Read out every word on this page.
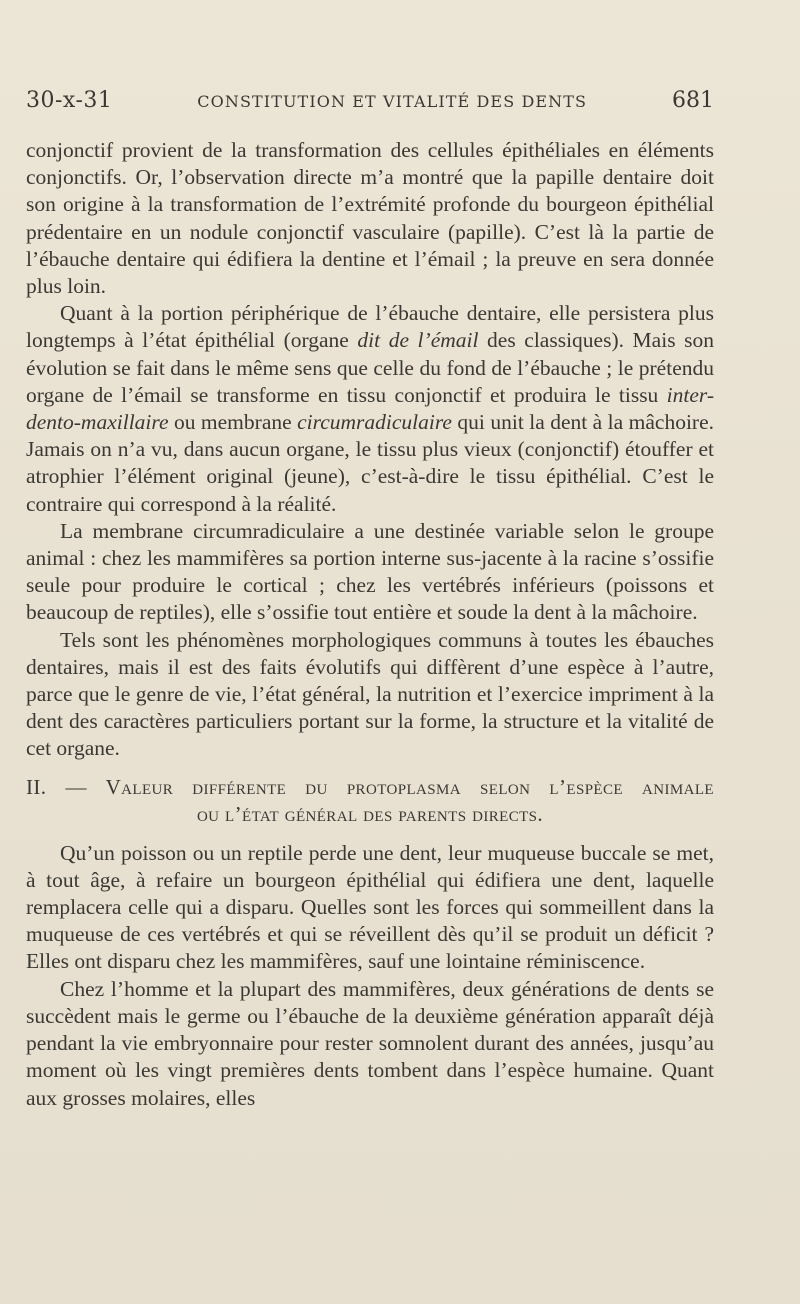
30-x-31	CONSTITUTION ET VITALITÉ DES DENTS	681

conjonctif provient de la transformation des cellules épithéliales en éléments conjonctifs. Or, l’observation directe m’a montré que la papille dentaire doit son origine à la transformation de l’extrémité profonde du bourgeon épithélial prédentaire en un nodule conjonctif vasculaire (papille). C’est là la partie de l’ébauche dentaire qui édifiera la dentine et l’émail ; la preuve en sera donnée plus loin.

Quant à la portion périphérique de l’ébauche dentaire, elle persistera plus longtemps à l’état épithélial (organe dit de l’émail des classiques). Mais son évolution se fait dans le même sens que celle du fond de l’ébauche ; le prétendu organe de l’émail se transforme en tissu conjonctif et produira le tissu inter-dento-maxillaire ou membrane circumradiculaire qui unit la dent à la mâchoire. Jamais on n’a vu, dans aucun organe, le tissu plus vieux (conjonctif) étouffer et atrophier l’élément original (jeune), c’est-à-dire le tissu épithélial. C’est le contraire qui correspond à la réalité.

La membrane circumradiculaire a une destinée variable selon le groupe animal : chez les mammifères sa portion interne sus-jacente à la racine s’ossifie seule pour produire le cortical ; chez les vertébrés inférieurs (poissons et beaucoup de reptiles), elle s’ossifie tout entière et soude la dent à la mâchoire.

Tels sont les phénomènes morphologiques communs à toutes les ébauches dentaires, mais il est des faits évolutifs qui diffèrent d’une espèce à l’autre, parce que le genre de vie, l’état général, la nutrition et l’exercice impriment à la dent des caractères particuliers portant sur la forme, la structure et la vitalité de cet organe.

II. — Valeur différente du protoplasma selon l’espèce animale
ou l’état général des parents directs.

Qu’un poisson ou un reptile perde une dent, leur muqueuse buccale se met, à tout âge, à refaire un bourgeon épithélial qui édifiera une dent, laquelle remplacera celle qui a disparu. Quelles sont les forces qui sommeillent dans la muqueuse de ces vertébrés et qui se réveillent dès qu’il se produit un déficit ? Elles ont disparu chez les mammifères, sauf une lointaine réminiscence.

Chez l’homme et la plupart des mammifères, deux générations de dents se succèdent mais le germe ou l’ébauche de la deuxième génération apparaît déjà pendant la vie embryonnaire pour rester somnolent durant des années, jusqu’au moment où les vingt premières dents tombent dans l’espèce humaine. Quant aux grosses molaires, elles
